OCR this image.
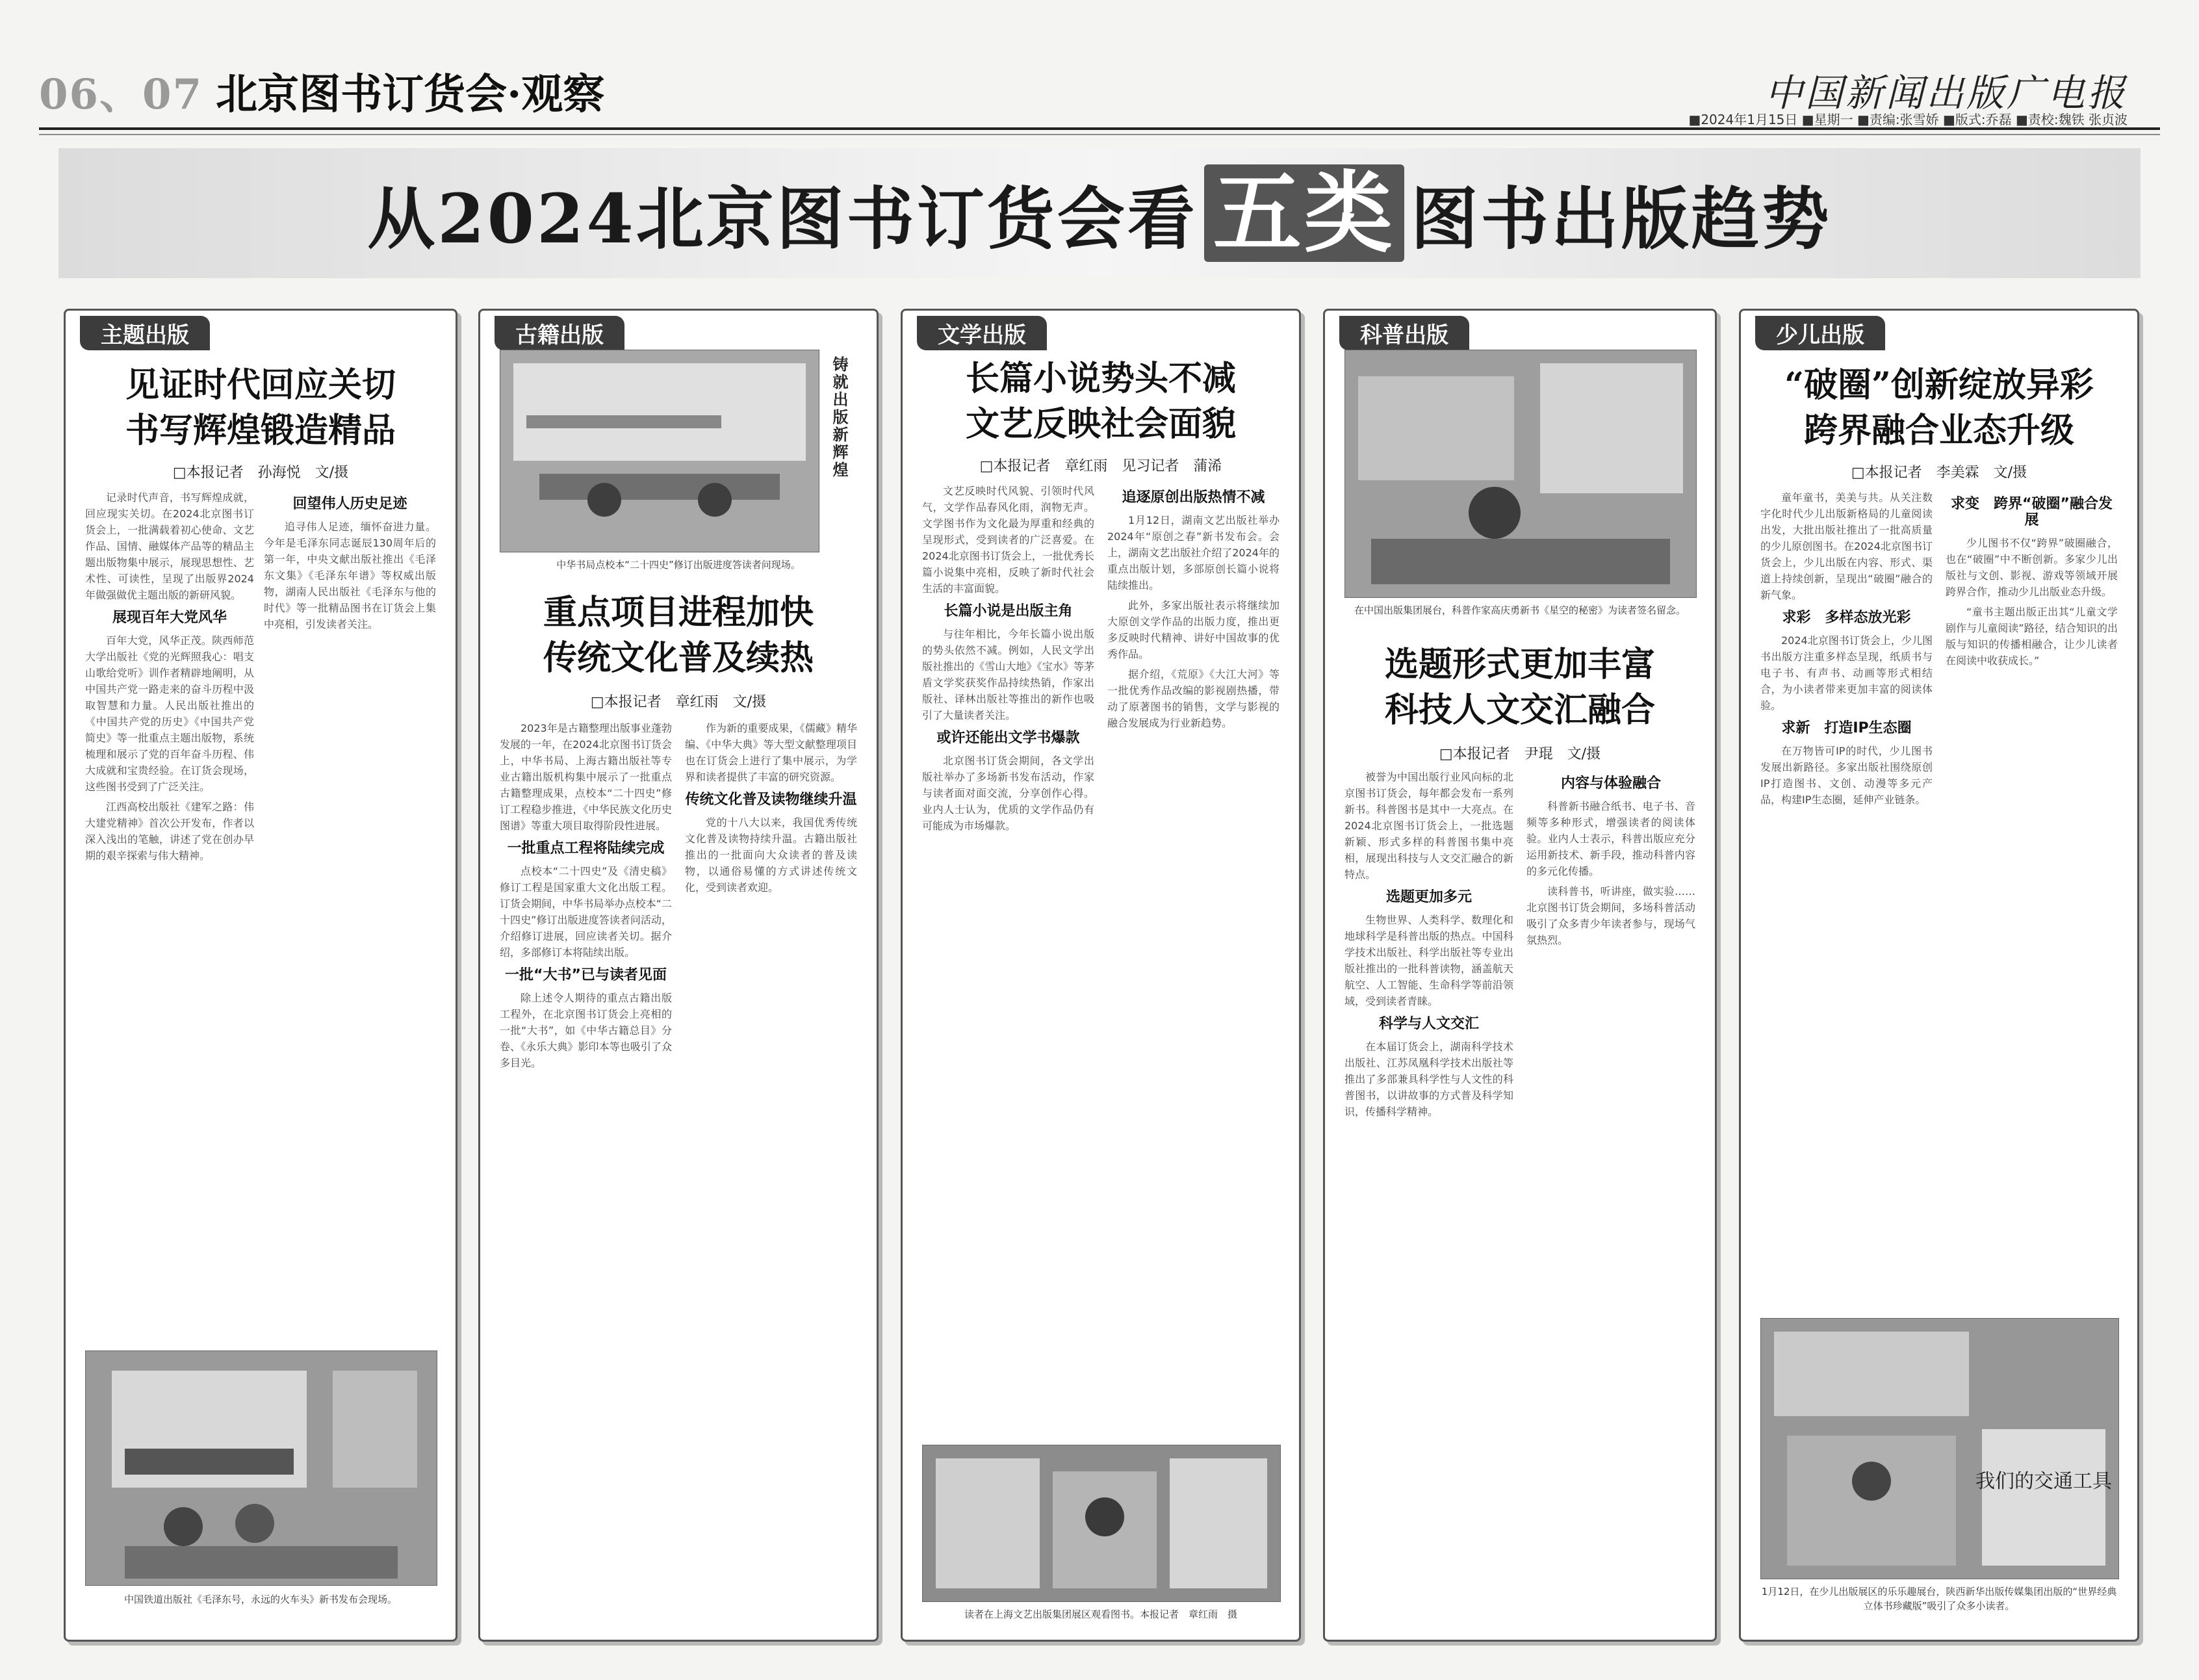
06、07 北京图书订货会·观察	中国新闻出版广电报
■2024年1月15日 ■星期一 ■责编:张雪娇 ■版式:乔磊 ■责校:魏铁 张贞波
从2024北京图书订货会看 五类 图书出版趋势
主题出版
见证时代回应关切
书写辉煌锻造精品
□本报记者　孙海悦　文/摄

记录时代声音，书写辉煌成就，回应现实关切。在2024北京图书订货会上，一批满载着初心使命、文艺作品、国情、融媒体产品等的精品主题出版物集中展示，展现思想性、艺术性、可读性，呈现了出版界2024年做强做优主题出版的新研风貌。

展现百年大党风华

百年大党，风华正茂。陕西师范大学出版社《党的光辉照我心：唱支山歌给党听》训作者精辟地阐明，从中国共产党一路走来的奋斗历程中汲取智慧和力量。人民出版社推出的《中国共产党的历史》《中国共产党简史》等一批重点主题出版物，系统梳理和展示了党的百年奋斗历程、伟大成就和宝贵经验。在订货会现场，这些图书受到了广泛关注。

江西高校出版社《建军之路：伟大建党精神》首次公开发布，作者以深入浅出的笔触，讲述了党在创办早期的艰辛探索与伟大精神。

回望伟人历史足迹

追寻伟人足迹，缅怀奋进力量。今年是毛泽东同志诞辰130周年后的第一年，中央文献出版社推出《毛泽东文集》《毛泽东年谱》等权威出版物，湖南人民出版社《毛泽东与他的时代》等一批精品图书在订货会上集中亮相，引发读者关注。

中国铁道出版社《毛泽东号，永远的火车头》新书发布会现场。
古籍出版
铸就出版新辉煌
中华书局点校本“二十四史”修订出版进度答读者问现场。
重点项目进程加快
传统文化普及续热
□本报记者　章红雨　文/摄

2023年是古籍整理出版事业蓬勃发展的一年，在2024北京图书订货会上，中华书局、上海古籍出版社等专业古籍出版机构集中展示了一批重点古籍整理成果，点校本“二十四史”修订工程稳步推进，《中华民族文化历史图谱》等重大项目取得阶段性进展。

一批重点工程将陆续完成

点校本“二十四史”及《清史稿》修订工程是国家重大文化出版工程。订货会期间，中华书局举办点校本“二十四史”修订出版进度答读者问活动，介绍修订进展，回应读者关切。据介绍，多部修订本将陆续出版。

一批“大书”已与读者见面

除上述令人期待的重点古籍出版工程外，在北京图书订货会上亮相的一批“大书”，如《中华古籍总目》分卷、《永乐大典》影印本等也吸引了众多目光。

作为新的重要成果，《儒藏》精华编、《中华大典》等大型文献整理项目也在订货会上进行了集中展示，为学界和读者提供了丰富的研究资源。

传统文化普及读物继续升温

党的十八大以来，我国优秀传统文化普及读物持续升温。古籍出版社推出的一批面向大众读者的普及读物，以通俗易懂的方式讲述传统文化，受到读者欢迎。

文学出版
长篇小说势头不减
文艺反映社会面貌
□本报记者　章红雨　见习记者　蒲浠

文艺反映时代风貌、引领时代风气，文学作品春风化雨，润物无声。文学图书作为文化最为厚重和经典的呈现形式，受到读者的广泛喜爱。在2024北京图书订货会上，一批优秀长篇小说集中亮相，反映了新时代社会生活的丰富面貌。

长篇小说是出版主角

与往年相比，今年长篇小说出版的势头依然不减。例如，人民文学出版社推出的《雪山大地》《宝水》等茅盾文学奖获奖作品持续热销，作家出版社、译林出版社等推出的新作也吸引了大量读者关注。

或许还能出文学书爆款

北京图书订货会期间，各文学出版社举办了多场新书发布活动，作家与读者面对面交流，分享创作心得。业内人士认为，优质的文学作品仍有可能成为市场爆款。

追逐原创出版热情不减

1月12日，湖南文艺出版社举办2024年“原创之春”新书发布会。会上，湖南文艺出版社介绍了2024年的重点出版计划，多部原创长篇小说将陆续推出。

此外，多家出版社表示将继续加大原创文学作品的出版力度，推出更多反映时代精神、讲好中国故事的优秀作品。

据介绍，《荒原》《大江大河》等一批优秀作品改编的影视剧热播，带动了原著图书的销售，文学与影视的融合发展成为行业新趋势。

读者在上海文艺出版集团展区观看图书。本报记者　章红雨　摄
科普出版
在中国出版集团展台，科普作家高庆勇新书《星空的秘密》为读者签名留念。
选题形式更加丰富
科技人文交汇融合
□本报记者　尹琨　文/摄

被誉为中国出版行业风向标的北京图书订货会，每年都会发布一系列新书。科普图书是其中一大亮点。在2024北京图书订货会上，一批选题新颖、形式多样的科普图书集中亮相，展现出科技与人文交汇融合的新特点。

选题更加多元

生物世界、人类科学、数理化和地球科学是科普出版的热点。中国科学技术出版社、科学出版社等专业出版社推出的一批科普读物，涵盖航天航空、人工智能、生命科学等前沿领域，受到读者青睐。

科学与人文交汇

在本届订货会上，湖南科学技术出版社、江苏凤凰科学技术出版社等推出了多部兼具科学性与人文性的科普图书，以讲故事的方式普及科学知识，传播科学精神。

内容与体验融合

科普新书融合纸书、电子书、音频等多种形式，增强读者的阅读体验。业内人士表示，科普出版应充分运用新技术、新手段，推动科普内容的多元化传播。

读科普书，听讲座，做实验……北京图书订货会期间，多场科普活动吸引了众多青少年读者参与，现场气氛热烈。

少儿出版
“破圈”创新绽放异彩
跨界融合业态升级
□本报记者　李美霖　文/摄

童年童书，美美与共。从关注数字化时代少儿出版新格局的儿童阅读出发，大批出版社推出了一批高质量的少儿原创图书。在2024北京图书订货会上，少儿出版在内容、形式、渠道上持续创新，呈现出“破圈”融合的新气象。

求彩　多样态放光彩

2024北京图书订货会上，少儿图书出版方注重多样态呈现，纸质书与电子书、有声书、动画等形式相结合，为小读者带来更加丰富的阅读体验。

求新　打造IP生态圈

在万物皆可IP的时代，少儿图书发展出新路径。多家出版社围绕原创IP打造图书、文创、动漫等多元产品，构建IP生态圈，延伸产业链条。

求变　跨界“破圈”融合发展

少儿图书不仅“跨界”破圈融合，也在“破圈”中不断创新。多家少儿出版社与文创、影视、游戏等领域开展跨界合作，推动少儿出版业态升级。

“童书主题出版正出其“儿童文学剧作与儿童阅读”路径，结合知识的出版与知识的传播相融合，让少儿读者在阅读中收获成长。”

我们的交通工具
1月12日，在少儿出版展区的乐乐趣展台，陕西新华出版传媒集团出版的“世界经典立体书珍藏版”吸引了众多小读者。
